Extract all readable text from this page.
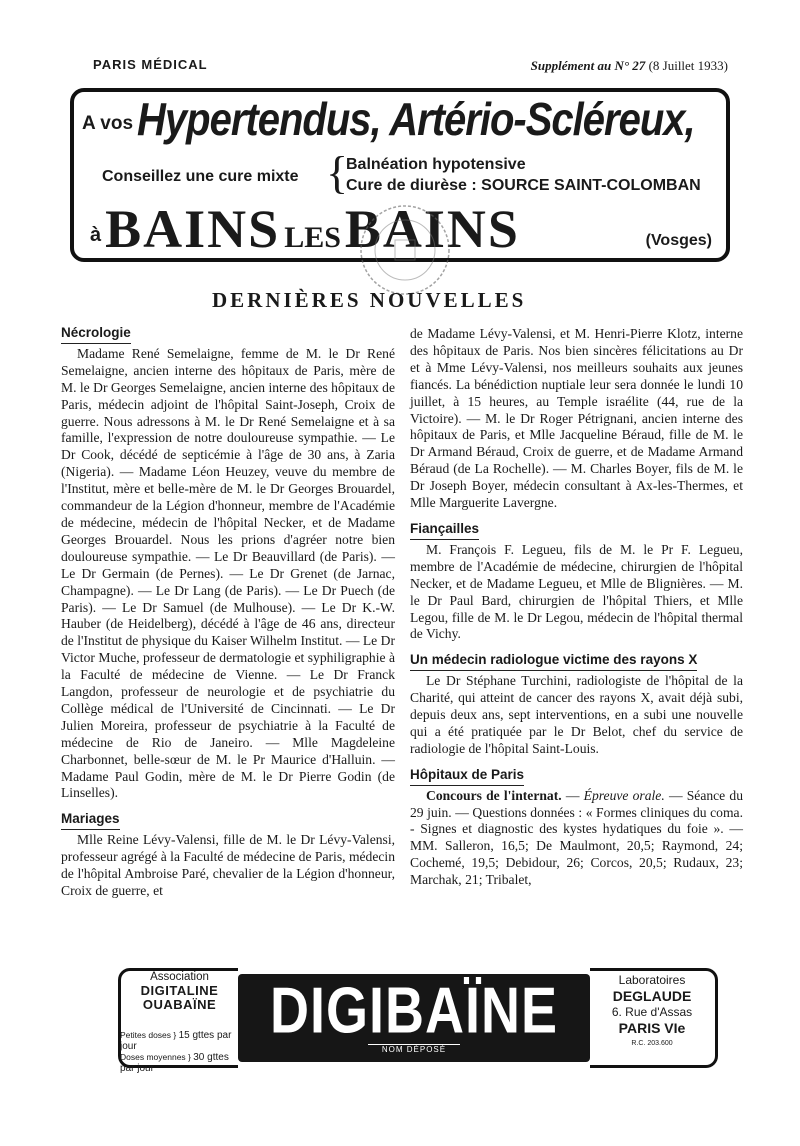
PARIS MÉDICAL	Supplément au N° 27 (8 Juillet 1933)
A vos Hypertendus, Artério-Scléreux,
Conseillez une cure mixte {
Balnéation hypotensive
Cure de diurèse : SOURCE SAINT-COLOMBAN
à BAINS LES BAINS	(Vosges)
DERNIÈRES NOUVELLES
Nécrologie

Madame René Semelaigne, femme de M. le Dr René Semelaigne, ancien interne des hôpitaux de Paris, mère de M. le Dr Georges Semelaigne, ancien interne des hôpitaux de Paris, médecin adjoint de l'hôpital Saint-Joseph, Croix de guerre. Nous adressons à M. le Dr René Semelaigne et à sa famille, l'expression de notre douloureuse sympathie. — Le Dr Cook, décédé de septicémie à l'âge de 30 ans, à Zaria (Nigeria). — Madame Léon Heuzey, veuve du membre de l'Institut, mère et belle-mère de M. le Dr Georges Brouardel, commandeur de la Légion d'honneur, membre de l'Académie de médecine, médecin de l'hôpital Necker, et de Madame Georges Brouardel. Nous les prions d'agréer notre bien douloureuse sympathie. — Le Dr Beauvillard (de Paris). — Le Dr Germain (de Pernes). — Le Dr Grenet (de Jarnac, Champagne). — Le Dr Lang (de Paris). — Le Dr Puech (de Paris). — Le Dr Samuel (de Mulhouse). — Le Dr K.-W. Hauber (de Heidelberg), décédé à l'âge de 46 ans, directeur de l'Institut de physique du Kaiser Wilhelm Institut. — Le Dr Victor Muche, professeur de dermatologie et syphiligraphie à la Faculté de médecine de Vienne. — Le Dr Franck Langdon, professeur de neurologie et de psychiatrie du Collège médical de l'Université de Cincinnati. — Le Dr Julien Moreira, professeur de psychiatrie à la Faculté de médecine de Rio de Janeiro. — Mlle Magdeleine Charbonnet, belle-sœur de M. le Pr Maurice d'Halluin. — Madame Paul Godin, mère de M. le Dr Pierre Godin (de Linselles).

Mariages

Mlle Reine Lévy-Valensi, fille de M. le Dr Lévy-Valensi, professeur agrégé à la Faculté de médecine de Paris, médecin de l'hôpital Ambroise Paré, chevalier de la Légion d'honneur, Croix de guerre, et

de Madame Lévy-Valensi, et M. Henri-Pierre Klotz, interne des hôpitaux de Paris. Nos bien sincères félicitations au Dr et à Mme Lévy-Valensi, nos meilleurs souhaits aux jeunes fiancés. La bénédiction nuptiale leur sera donnée le lundi 10 juillet, à 15 heures, au Temple israélite (44, rue de la Victoire). — M. le Dr Roger Pétrignani, ancien interne des hôpitaux de Paris, et Mlle Jacqueline Béraud, fille de M. le Dr Armand Béraud, Croix de guerre, et de Madame Armand Béraud (de La Rochelle). — M. Charles Boyer, fils de M. le Dr Joseph Boyer, médecin consultant à Ax-les-Thermes, et Mlle Marguerite Lavergne.

Fiançailles

M. François F. Legueu, fils de M. le Pr F. Legueu, membre de l'Académie de médecine, chirurgien de l'hôpital Necker, et de Madame Legueu, et Mlle de Blignières. — M. le Dr Paul Bard, chirurgien de l'hôpital Thiers, et Mlle Legou, fille de M. le Dr Legou, médecin de l'hôpital thermal de Vichy.

Un médecin radiologue victime des rayons X

Le Dr Stéphane Turchini, radiologiste de l'hôpital de la Charité, qui atteint de cancer des rayons X, avait déjà subi, depuis deux ans, sept interventions, en a subi une nouvelle qui a été pratiquée par le Dr Belot, chef du service de radiologie de l'hôpital Saint-Louis.

Hôpitaux de Paris

Concours de l'internat. — Épreuve orale. — Séance du 29 juin. — Questions données : « Formes cliniques du coma. - Signes et diagnostic des kystes hydatiques du foie ». — MM. Salleron, 16,5; De Maulmont, 20,5; Raymond, 24; Cochemé, 19,5; Debidour, 26; Corcos, 20,5; Rudaux, 23; Marchak, 21; Tribalet,

Association
DIGITALINE
OUABAÏNE
Petites doses } 15 gttes par jour
Doses moyennes } 30 gttes par jour
DIGIBAÏNE
NOM DÉPOSÉ
Laboratoires
DEGLAUDE
6. Rue d'Assas
PARIS VIe
R.C. 203.600
